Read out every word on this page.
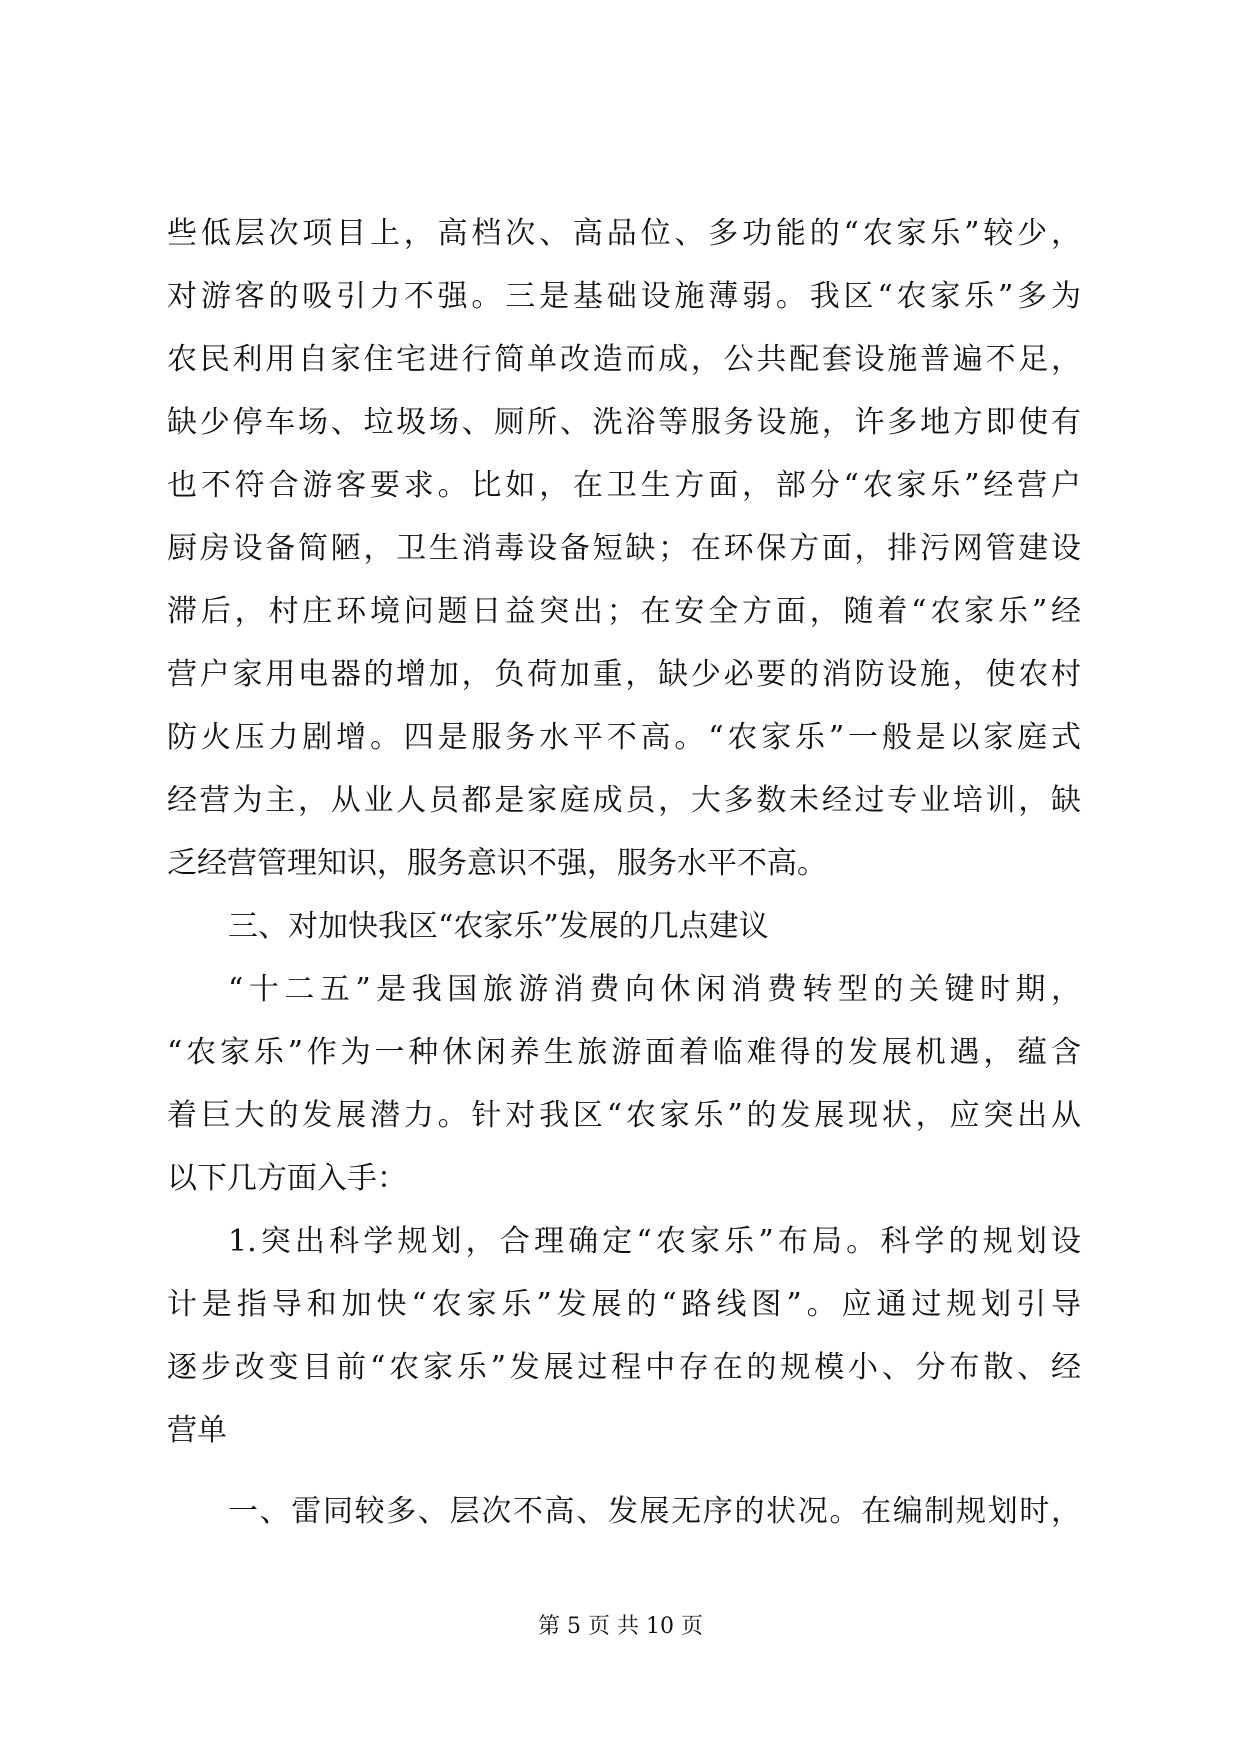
些低层次项目上，高档次、高品位、多功能的“农家乐”较少，
对游客的吸引力不强。三是基础设施薄弱。我区“农家乐”多为
农民利用自家住宅进行简单改造而成，公共配套设施普遍不足，
缺少停车场、垃圾场、厕所、洗浴等服务设施，许多地方即使有
也不符合游客要求。比如，在卫生方面，部分“农家乐”经营户
厨房设备简陋，卫生消毒设备短缺；在环保方面，排污网管建设
滞后，村庄环境问题日益突出；在安全方面，随着“农家乐”经
营户家用电器的增加，负荷加重，缺少必要的消防设施，使农村
防火压力剧增。四是服务水平不高。“农家乐”一般是以家庭式
经营为主，从业人员都是家庭成员，大多数未经过专业培训，缺
乏经营管理知识，服务意识不强，服务水平不高。
三、对加快我区“农家乐”发展的几点建议
“十二五”是我国旅游消费向休闲消费转型的关键时期，
“农家乐”作为一种休闲养生旅游面着临难得的发展机遇，蕴含
着巨大的发展潜力。针对我区“农家乐”的发展现状，应突出从
以下几方面入手：
1.突出科学规划，合理确定“农家乐”布局。科学的规划设
计是指导和加快“农家乐”发展的“路线图”。应通过规划引导
逐步改变目前“农家乐”发展过程中存在的规模小、分布散、经
营单
一、雷同较多、层次不高、发展无序的状况。在编制规划时，
第 5 页 共 10 页
